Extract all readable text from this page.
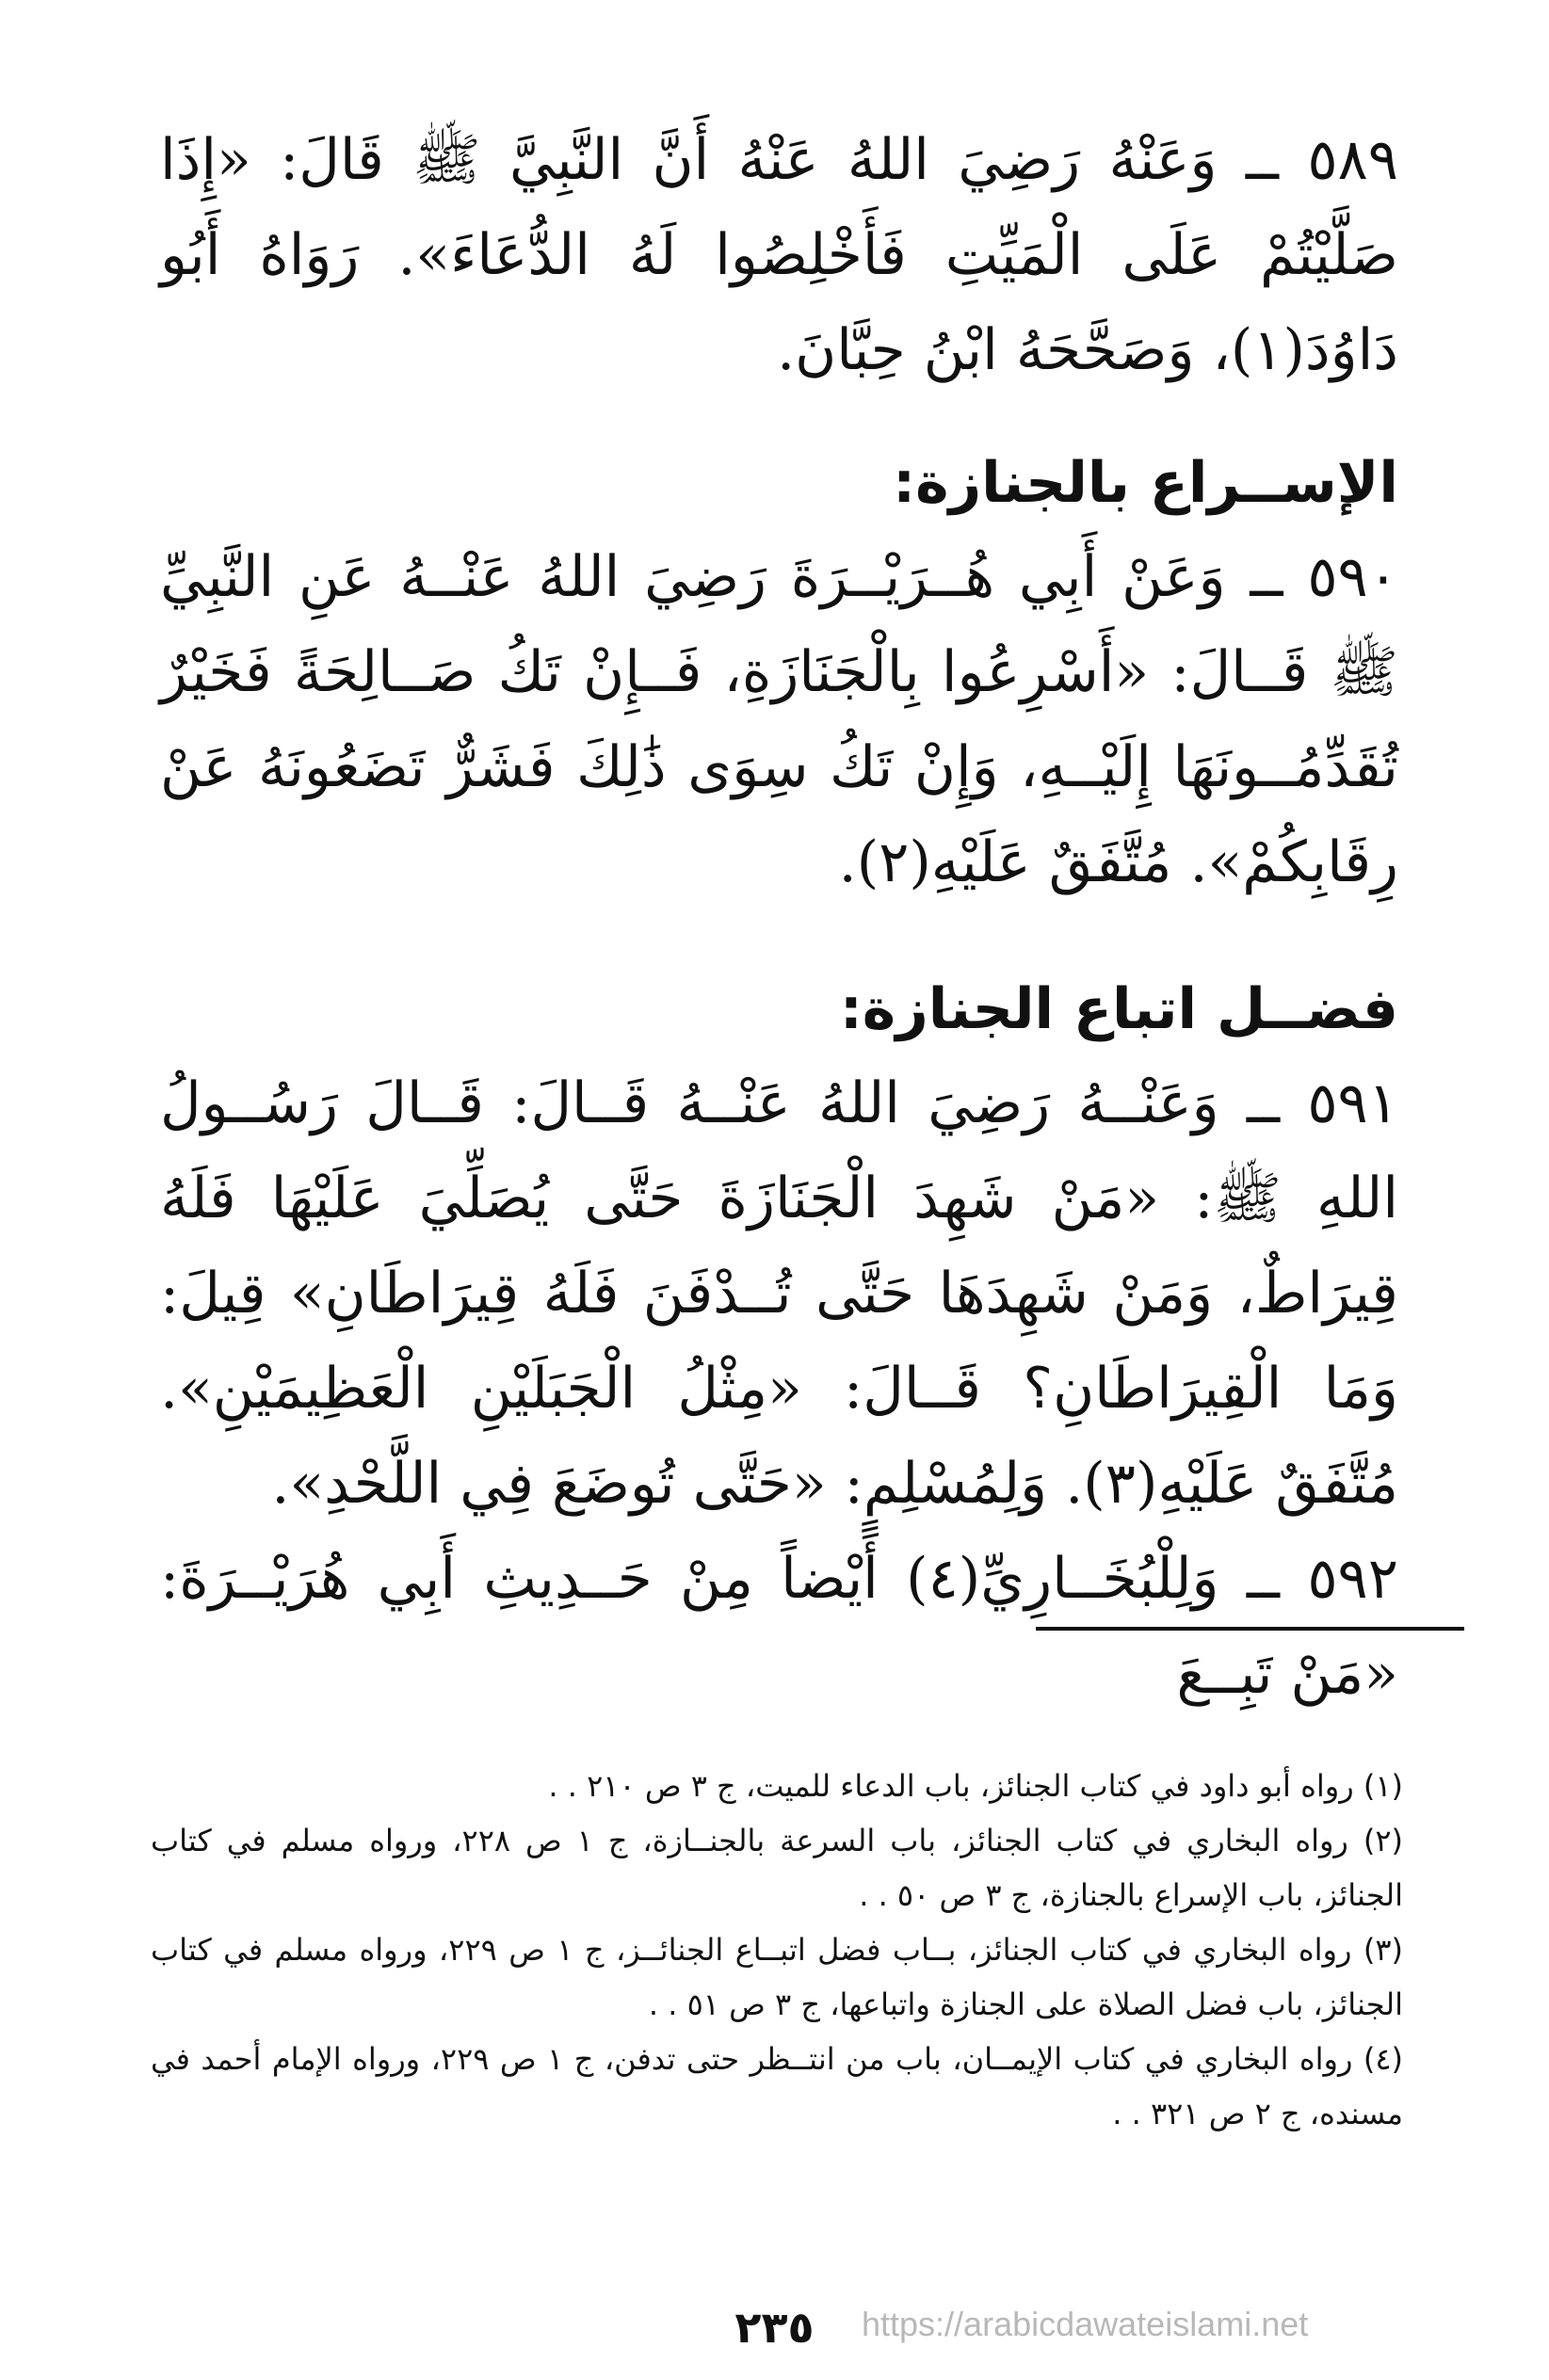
٥٨٩ ــ وَعَنْهُ رَضِيَ اللهُ عَنْهُ أَنَّ النَّبِيَّ ﷺ قَالَ: «إِذَا صَلَّيْتُمْ عَلَى الْمَيِّتِ فَأَخْلِصُوا لَهُ الدُّعَاءَ». رَوَاهُ أَبُو دَاوُدَ(١)، وَصَحَّحَهُ ابْنُ حِبَّانَ.

الإســراع بالجنازة:

٥٩٠ ــ وَعَنْ أَبِي هُــرَيْــرَةَ رَضِيَ اللهُ عَنْــهُ عَنِ النَّبِيِّ ﷺ قَــالَ: «أَسْرِعُوا بِالْجَنَازَةِ، فَــإِنْ تَكُ صَــالِحَةً فَخَيْرٌ تُقَدِّمُــونَهَا إِلَيْــهِ، وَإِنْ تَكُ سِوَى ذَٰلِكَ فَشَرٌّ تَضَعُونَهُ عَنْ رِقَابِكُمْ». مُتَّفَقٌ عَلَيْهِ(٢).

فضــل اتباع الجنازة:

٥٩١ ــ وَعَنْــهُ رَضِيَ اللهُ عَنْــهُ قَــالَ: قَــالَ رَسُــولُ اللهِ ﷺ: «مَنْ شَهِدَ الْجَنَازَةَ حَتَّى يُصَلِّيَ عَلَيْهَا فَلَهُ قِيرَاطٌ، وَمَنْ شَهِدَهَا حَتَّى تُــدْفَنَ فَلَهُ قِيرَاطَانِ» قِيلَ: وَمَا الْقِيرَاطَانِ؟ قَــالَ: «مِثْلُ الْجَبَلَيْنِ الْعَظِيمَيْنِ». مُتَّفَقٌ عَلَيْهِ(٣). وَلِمُسْلِمٍ: «حَتَّى تُوضَعَ فِي اللَّحْدِ».

٥٩٢ ــ وَلِلْبُخَــارِيِّ(٤) أَيْضاً مِنْ حَــدِيثِ أَبِي هُرَيْــرَةَ: «مَنْ تَبِــعَ

(١) رواه أبو داود في كتاب الجنائز، باب الدعاء للميت، ج ٣ ص ٢١٠ . .

(٢) رواه البخاري في كتاب الجنائز، باب السرعة بالجنــازة، ج ١ ص ٢٢٨، ورواه مسلم في كتاب الجنائز، باب الإسراع بالجنازة، ج ٣ ص ٥٠ . .

(٣) رواه البخاري في كتاب الجنائز، بــاب فضل اتبــاع الجنائــز، ج ١ ص ٢٢٩، ورواه مسلم في كتاب الجنائز، باب فضل الصلاة على الجنازة واتباعها، ج ٣ ص ٥١ . .

(٤) رواه البخاري في كتاب الإيمــان، باب من انتــظر حتى تدفن، ج ١ ص ٢٢٩، ورواه الإمام أحمد في مسنده، ج ٢ ص ٣٢١ . .

٢٣٥	https://arabicdawateislami.net
